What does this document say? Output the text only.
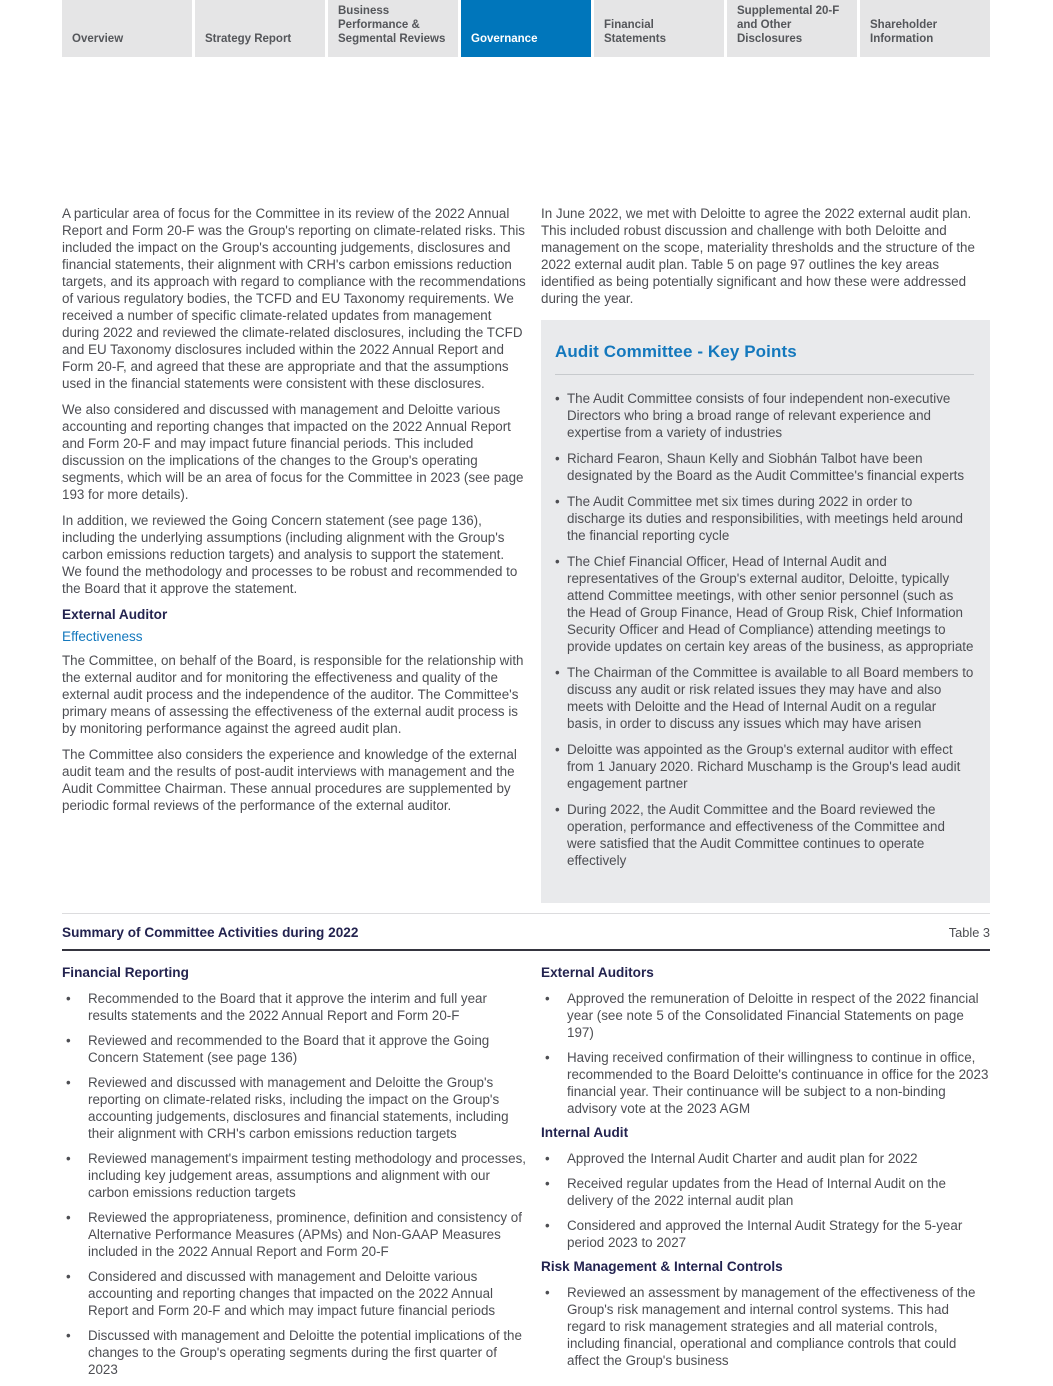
Overview	Strategy Report
Business Performance & Segmental Reviews	Governance
Financial Statements
Supplemental 20-F and Other Disclosures
Shareholder Information

A particular area of focus for the Committee in its review of the 2022 Annual Report and Form 20-F was the Group's reporting on climate-related risks. This included the impact on the Group's accounting judgements, disclosures and financial statements, their alignment with CRH's carbon emissions reduction targets, and its approach with regard to compliance with the recommendations of various regulatory bodies, the TCFD and EU Taxonomy requirements. We received a number of specific climate-related updates from management during 2022 and reviewed the climate-related disclosures, including the TCFD and EU Taxonomy disclosures included within the 2022 Annual Report and Form 20-F, and agreed that these are appropriate and that the assumptions used in the financial statements were consistent with these disclosures.

We also considered and discussed with management and Deloitte various accounting and reporting changes that impacted on the 2022 Annual Report and Form 20-F and may impact future financial periods. This included discussion on the implications of the changes to the Group's operating segments, which will be an area of focus for the Committee in 2023 (see page 193 for more details).

In addition, we reviewed the Going Concern statement (see page 136), including the underlying assumptions (including alignment with the Group's carbon emissions reduction targets) and analysis to support the statement. We found the methodology and processes to be robust and recommended to the Board that it approve the statement.

External Auditor
Effectiveness

The Committee, on behalf of the Board, is responsible for the relationship with the external auditor and for monitoring the effectiveness and quality of the external audit process and the independence of the auditor. The Committee's primary means of assessing the effectiveness of the external audit process is by monitoring performance against the agreed audit plan.

The Committee also considers the experience and knowledge of the external audit team and the results of post-audit interviews with management and the Audit Committee Chairman. These annual procedures are supplemented by periodic formal reviews of the performance of the external auditor.

In June 2022, we met with Deloitte to agree the 2022 external audit plan. This included robust discussion and challenge with both Deloitte and management on the scope, materiality thresholds and the structure of the 2022 external audit plan. Table 5 on page 97 outlines the key areas identified as being potentially significant and how these were addressed during the year.

Audit Committee - Key Points
• The Audit Committee consists of four independent non-executive Directors who bring a broad range of relevant experience and expertise from a variety of industries
• Richard Fearon, Shaun Kelly and Siobhán Talbot have been designated by the Board as the Audit Committee's financial experts
• The Audit Committee met six times during 2022 in order to discharge its duties and responsibilities, with meetings held around the financial reporting cycle
• The Chief Financial Officer, Head of Internal Audit and representatives of the Group's external auditor, Deloitte, typically attend Committee meetings, with other senior personnel (such as the Head of Group Finance, Head of Group Risk, Chief Information Security Officer and Head of Compliance) attending meetings to provide updates on certain key areas of the business, as appropriate
• The Chairman of the Committee is available to all Board members to discuss any audit or risk related issues they may have and also meets with Deloitte and the Head of Internal Audit on a regular basis, in order to discuss any issues which may have arisen
• Deloitte was appointed as the Group's external auditor with effect from 1 January 2020. Richard Muschamp is the Group's lead audit engagement partner
• During 2022, the Audit Committee and the Board reviewed the operation, performance and effectiveness of the Committee and were satisfied that the Audit Committee continues to operate effectively
Summary of Committee Activities during 2022	Table 3
Financial Reporting
• Recommended to the Board that it approve the interim and full year results statements and the 2022 Annual Report and Form 20-F
• Reviewed and recommended to the Board that it approve the Going Concern Statement (see page 136)
• Reviewed and discussed with management and Deloitte the Group's reporting on climate-related risks, including the impact on the Group's accounting judgements, disclosures and financial statements, including their alignment with CRH's carbon emissions reduction targets
• Reviewed management's impairment testing methodology and processes, including key judgement areas, assumptions and alignment with our carbon emissions reduction targets
• Reviewed the appropriateness, prominence, definition and consistency of Alternative Performance Measures (APMs) and Non-GAAP Measures included in the 2022 Annual Report and Form 20-F
• Considered and discussed with management and Deloitte various accounting and reporting changes that impacted on the 2022 Annual Report and Form 20-F and which may impact future financial periods
• Discussed with management and Deloitte the potential implications of the changes to the Group's operating segments during the first quarter of 2023
External Auditors
• Approved the remuneration of Deloitte in respect of the 2022 financial year (see note 5 of the Consolidated Financial Statements on page 197)
• Having received confirmation of their willingness to continue in office, recommended to the Board Deloitte's continuance in office for the 2023 financial year. Their continuance will be subject to a non-binding advisory vote at the 2023 AGM
Internal Audit
• Approved the Internal Audit Charter and audit plan for 2022
• Received regular updates from the Head of Internal Audit on the delivery of the 2022 internal audit plan
• Considered and approved the Internal Audit Strategy for the 5-year period 2023 to 2027
Risk Management & Internal Controls
• Reviewed an assessment by management of the effectiveness of the Group's risk management and internal control systems. This had regard to risk management strategies and all material controls, including financial, operational and compliance controls that could affect the Group's business
